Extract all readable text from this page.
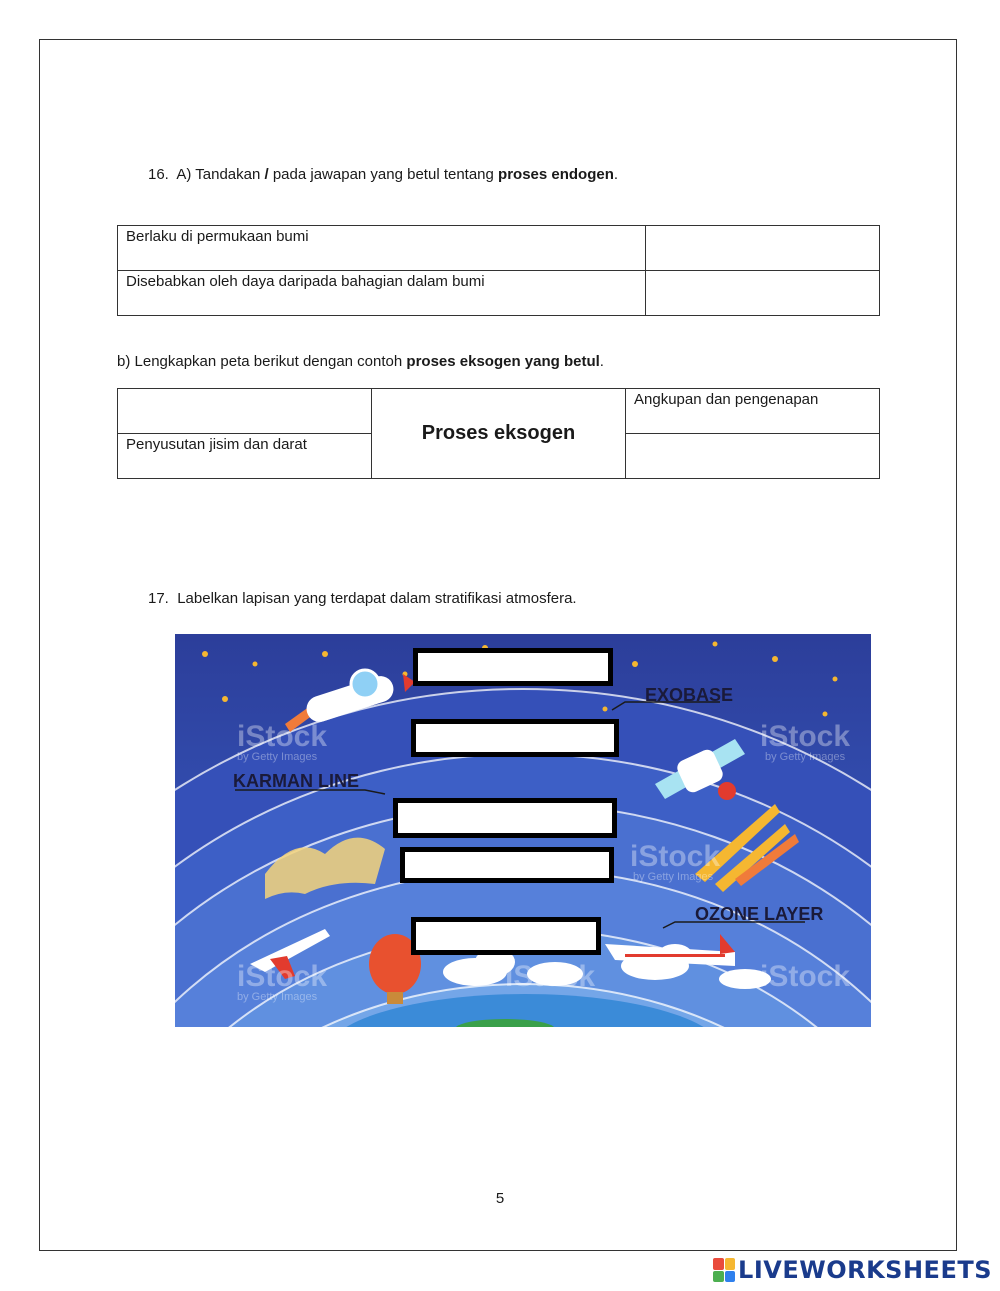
16. A) Tandakan / pada jawapan yang betul tentang proses endogen.
Berlaku di permukaan bumi	
Disebabkan oleh daya daripada bahagian dalam bumi	
b) Lengkapkan peta berikut dengan contoh proses eksogen yang betul.
	Proses eksogen	Angkupan dan pengenapan
Penyusutan jisim dan darat		
17. Labelkan lapisan yang terdapat dalam stratifikasi atmosfera.
EXOBASE
KARMAN LINE
OZONE LAYER
iStock	iStock
iStock
iStock	iStock	iStock
by Getty Images	by Getty Images
by Getty Images
by Getty Images
5
LIVEWORKSHEETS
